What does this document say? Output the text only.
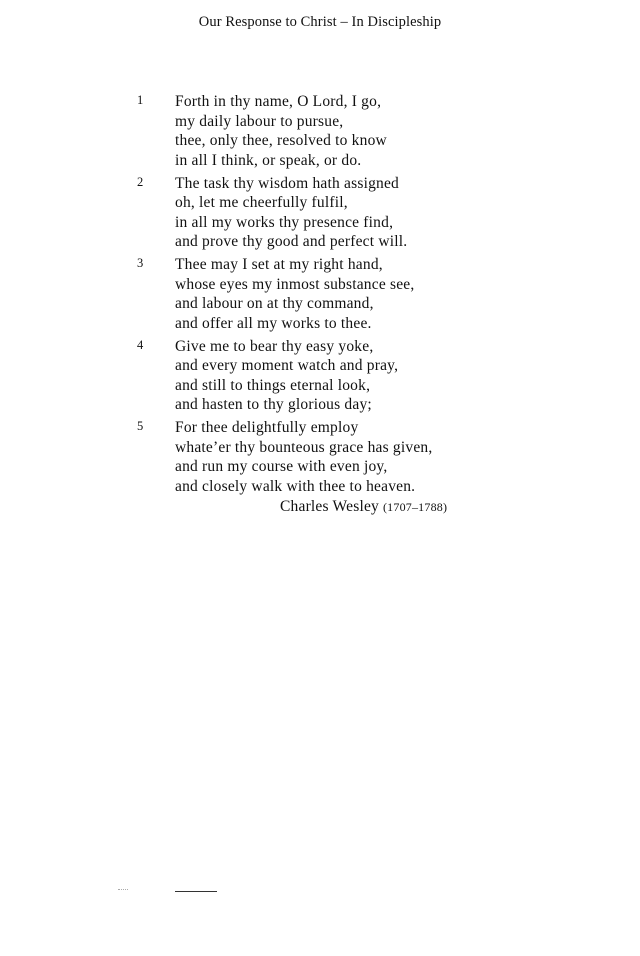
Our Response to Christ – In Discipleship
1	Forth in thy name, O Lord, I go,
my daily labour to pursue,
thee, only thee, resolved to know
in all I think, or speak, or do.
2	The task thy wisdom hath assigned
oh, let me cheerfully fulfil,
in all my works thy presence find,
and prove thy good and perfect will.
3	Thee may I set at my right hand,
whose eyes my inmost substance see,
and labour on at thy command,
and offer all my works to thee.
4	Give me to bear thy easy yoke,
and every moment watch and pray,
and still to things eternal look,
and hasten to thy glorious day;
5	For thee delightfully employ
whate’er thy bounteous grace has given,
and run my course with even joy,
and closely walk with thee to heaven.
Charles Wesley (1707–1788)
